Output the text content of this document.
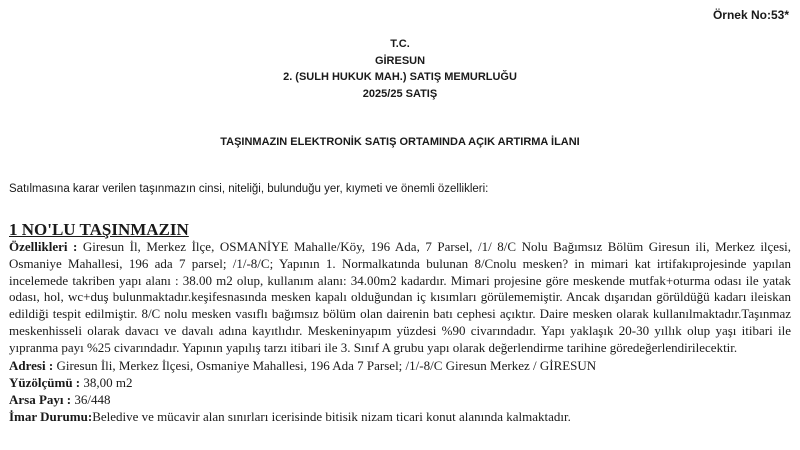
Örnek No:53*
T.C.
GİRESUN
2. (SULH HUKUK MAH.) SATIŞ MEMURLUĞU
2025/25 SATIŞ
TAŞINMAZIN ELEKTRONİK SATIŞ ORTAMINDA AÇIK ARTIRMA İLANI
Satılmasına karar verilen taşınmazın cinsi, niteliği, bulunduğu yer, kıymeti ve önemli özellikleri:
1 NO'LU TAŞINMAZIN

Özellikleri : Giresun İl, Merkez İlçe, OSMANİYE Mahalle/Köy, 196 Ada, 7 Parsel, /1/ 8/C Nolu Bağımsız Bölüm Giresun ili, Merkez ilçesi, Osmaniye Mahallesi, 196 ada 7 parsel; /1/-8/C; Yapının 1. Normalkatında bulunan 8/Cnolu mesken? in mimari kat irtifakıprojesinde yapılan incelemede takriben yapı alanı : 38.00 m2 olup, kullanım alanı: 34.00m2 kadardır. Mimari projesine göre meskende mutfak+oturma odası ile yatak odası, hol, wc+duş bulunmaktadır.keşifesnasında mesken kapalı olduğundan iç kısımları görülememiştir. Ancak dışarıdan görüldüğü kadarı ileiskan edildiği tespit edilmiştir. 8/C nolu mesken vasıflı bağımsız bölüm olan dairenin batı cephesi açıktır. Daire mesken olarak kullanılmaktadır.Taşınmaz meskenhisseli olarak davacı ve davalı adına kayıtlıdır. Meskeninyapım yüzdesi %90 civarındadır. Yapı yaklaşık 20-30 yıllık olup yaşı itibari ile yıpranma payı %25 civarındadır. Yapının yapılış tarzı itibari ile 3. Sınıf A grubu yapı olarak değerlendirme tarihine göredeğerlendirilecektir.

Adresi : Giresun İli, Merkez İlçesi, Osmaniye Mahallesi, 196 Ada 7 Parsel; /1/-8/C Giresun Merkez / GİRESUN

Yüzölçümü : 38,00 m2

Arsa Payı : 36/448

İmar Durumu:Beledive ve mücavir alan sınırları icerisinde bitisik nizam ticari konut alanında kalmaktadır.
